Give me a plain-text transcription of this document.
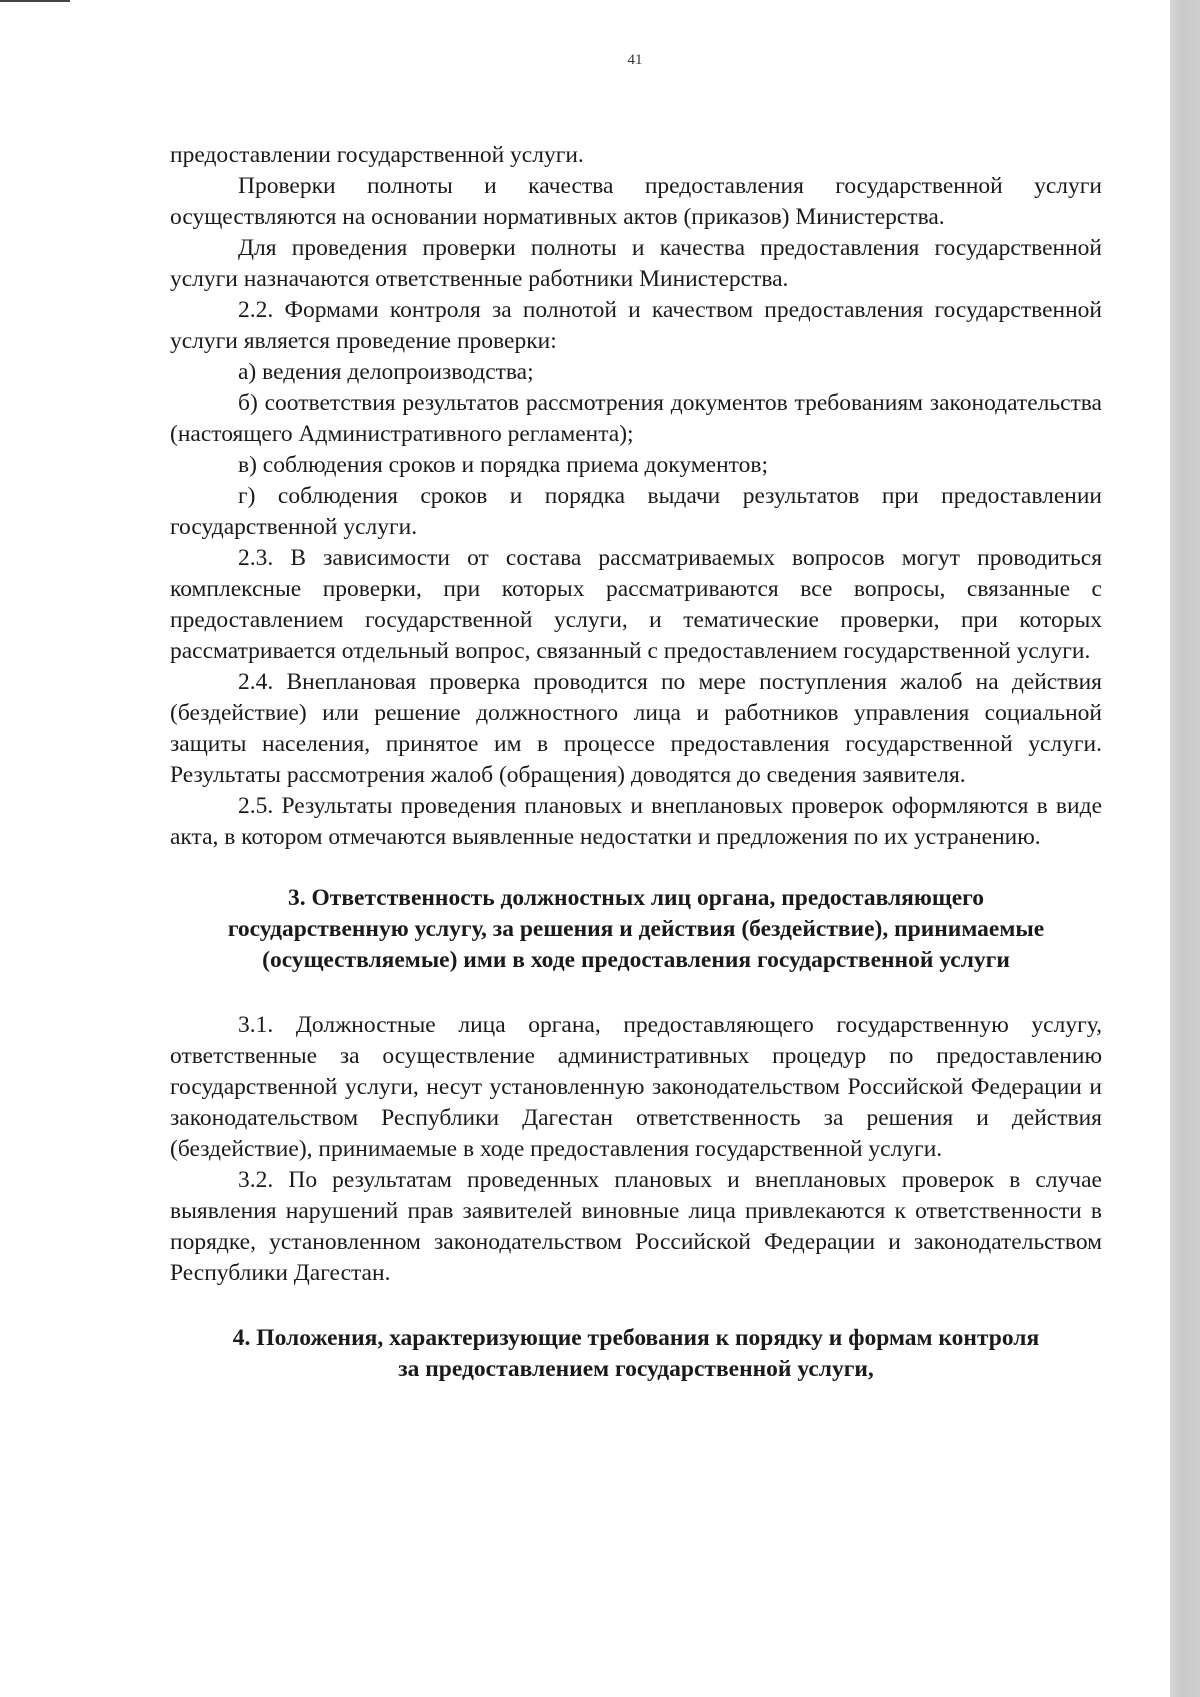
41

предоставлении государственной услуги.

Проверки полноты и качества предоставления государственной услуги осуществляются на основании нормативных актов (приказов) Министерства.

Для проведения проверки полноты и качества предоставления государственной услуги назначаются ответственные работники Министерства.

2.2. Формами контроля за полнотой и качеством предоставления государственной услуги является проведение проверки:

а) ведения делопроизводства;

б) соответствия результатов рассмотрения документов требованиям законодательства (настоящего Административного регламента);

в) соблюдения сроков и порядка приема документов;

г) соблюдения сроков и порядка выдачи результатов при предоставлении государственной услуги.

2.3. В зависимости от состава рассматриваемых вопросов могут проводиться комплексные проверки, при которых рассматриваются все вопросы, связанные с предоставлением государственной услуги, и тематические проверки, при которых рассматривается отдельный вопрос, связанный с предоставлением государственной услуги.

2.4. Внеплановая проверка проводится по мере поступления жалоб на действия (бездействие) или решение должностного лица и работников управления социальной защиты населения, принятое им в процессе предоставления государственной услуги. Результаты рассмотрения жалоб (обращения) доводятся до сведения заявителя.

2.5. Результаты проведения плановых и внеплановых проверок оформляются в виде акта, в котором отмечаются выявленные недостатки и предложения по их устранению.

3. Ответственность должностных лиц органа, предоставляющего государственную услугу, за решения и действия (бездействие), принимаемые (осуществляемые) ими в ходе предоставления государственной услуги

3.1. Должностные лица органа, предоставляющего государственную услугу, ответственные за осуществление административных процедур по предоставлению государственной услуги, несут установленную законодательством Российской Федерации и законодательством Республики Дагестан ответственность за решения и действия (бездействие), принимаемые в ходе предоставления государственной услуги.

3.2. По результатам проведенных плановых и внеплановых проверок в случае выявления нарушений прав заявителей виновные лица привлекаются к ответственности в порядке, установленном законодательством Российской Федерации и законодательством Республики Дагестан.

4. Положения, характеризующие требования к порядку и формам контроля за предоставлением государственной услуги,
